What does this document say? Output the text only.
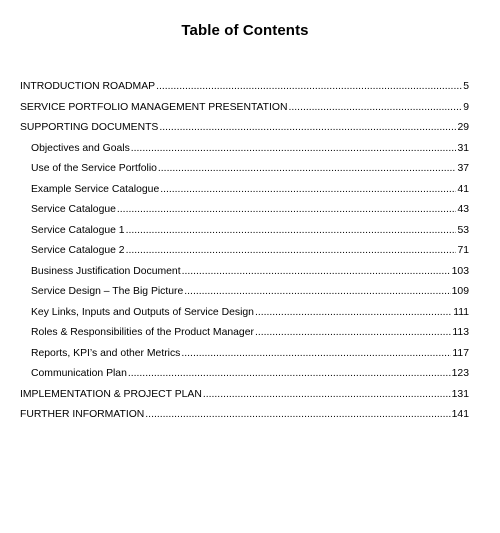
Table of Contents
INTRODUCTION ROADMAP .....	5
SERVICE PORTFOLIO MANAGEMENT PRESENTATION .....	9
SUPPORTING DOCUMENTS .....	29
Objectives and Goals .....	31
Use of the Service Portfolio .....	37
Example Service Catalogue .....	41
Service Catalogue .....	43
Service Catalogue 1 .....	53
Service Catalogue 2 .....	71
Business Justification Document .....	103
Service Design – The Big Picture .....	109
Key Links, Inputs and Outputs of Service Design .....	111
Roles & Responsibilities of the Product Manager .....	113
Reports, KPI’s and other Metrics .....	117
Communication Plan .....	123
IMPLEMENTATION & PROJECT PLAN .....	131
FURTHER INFORMATION .....	141
